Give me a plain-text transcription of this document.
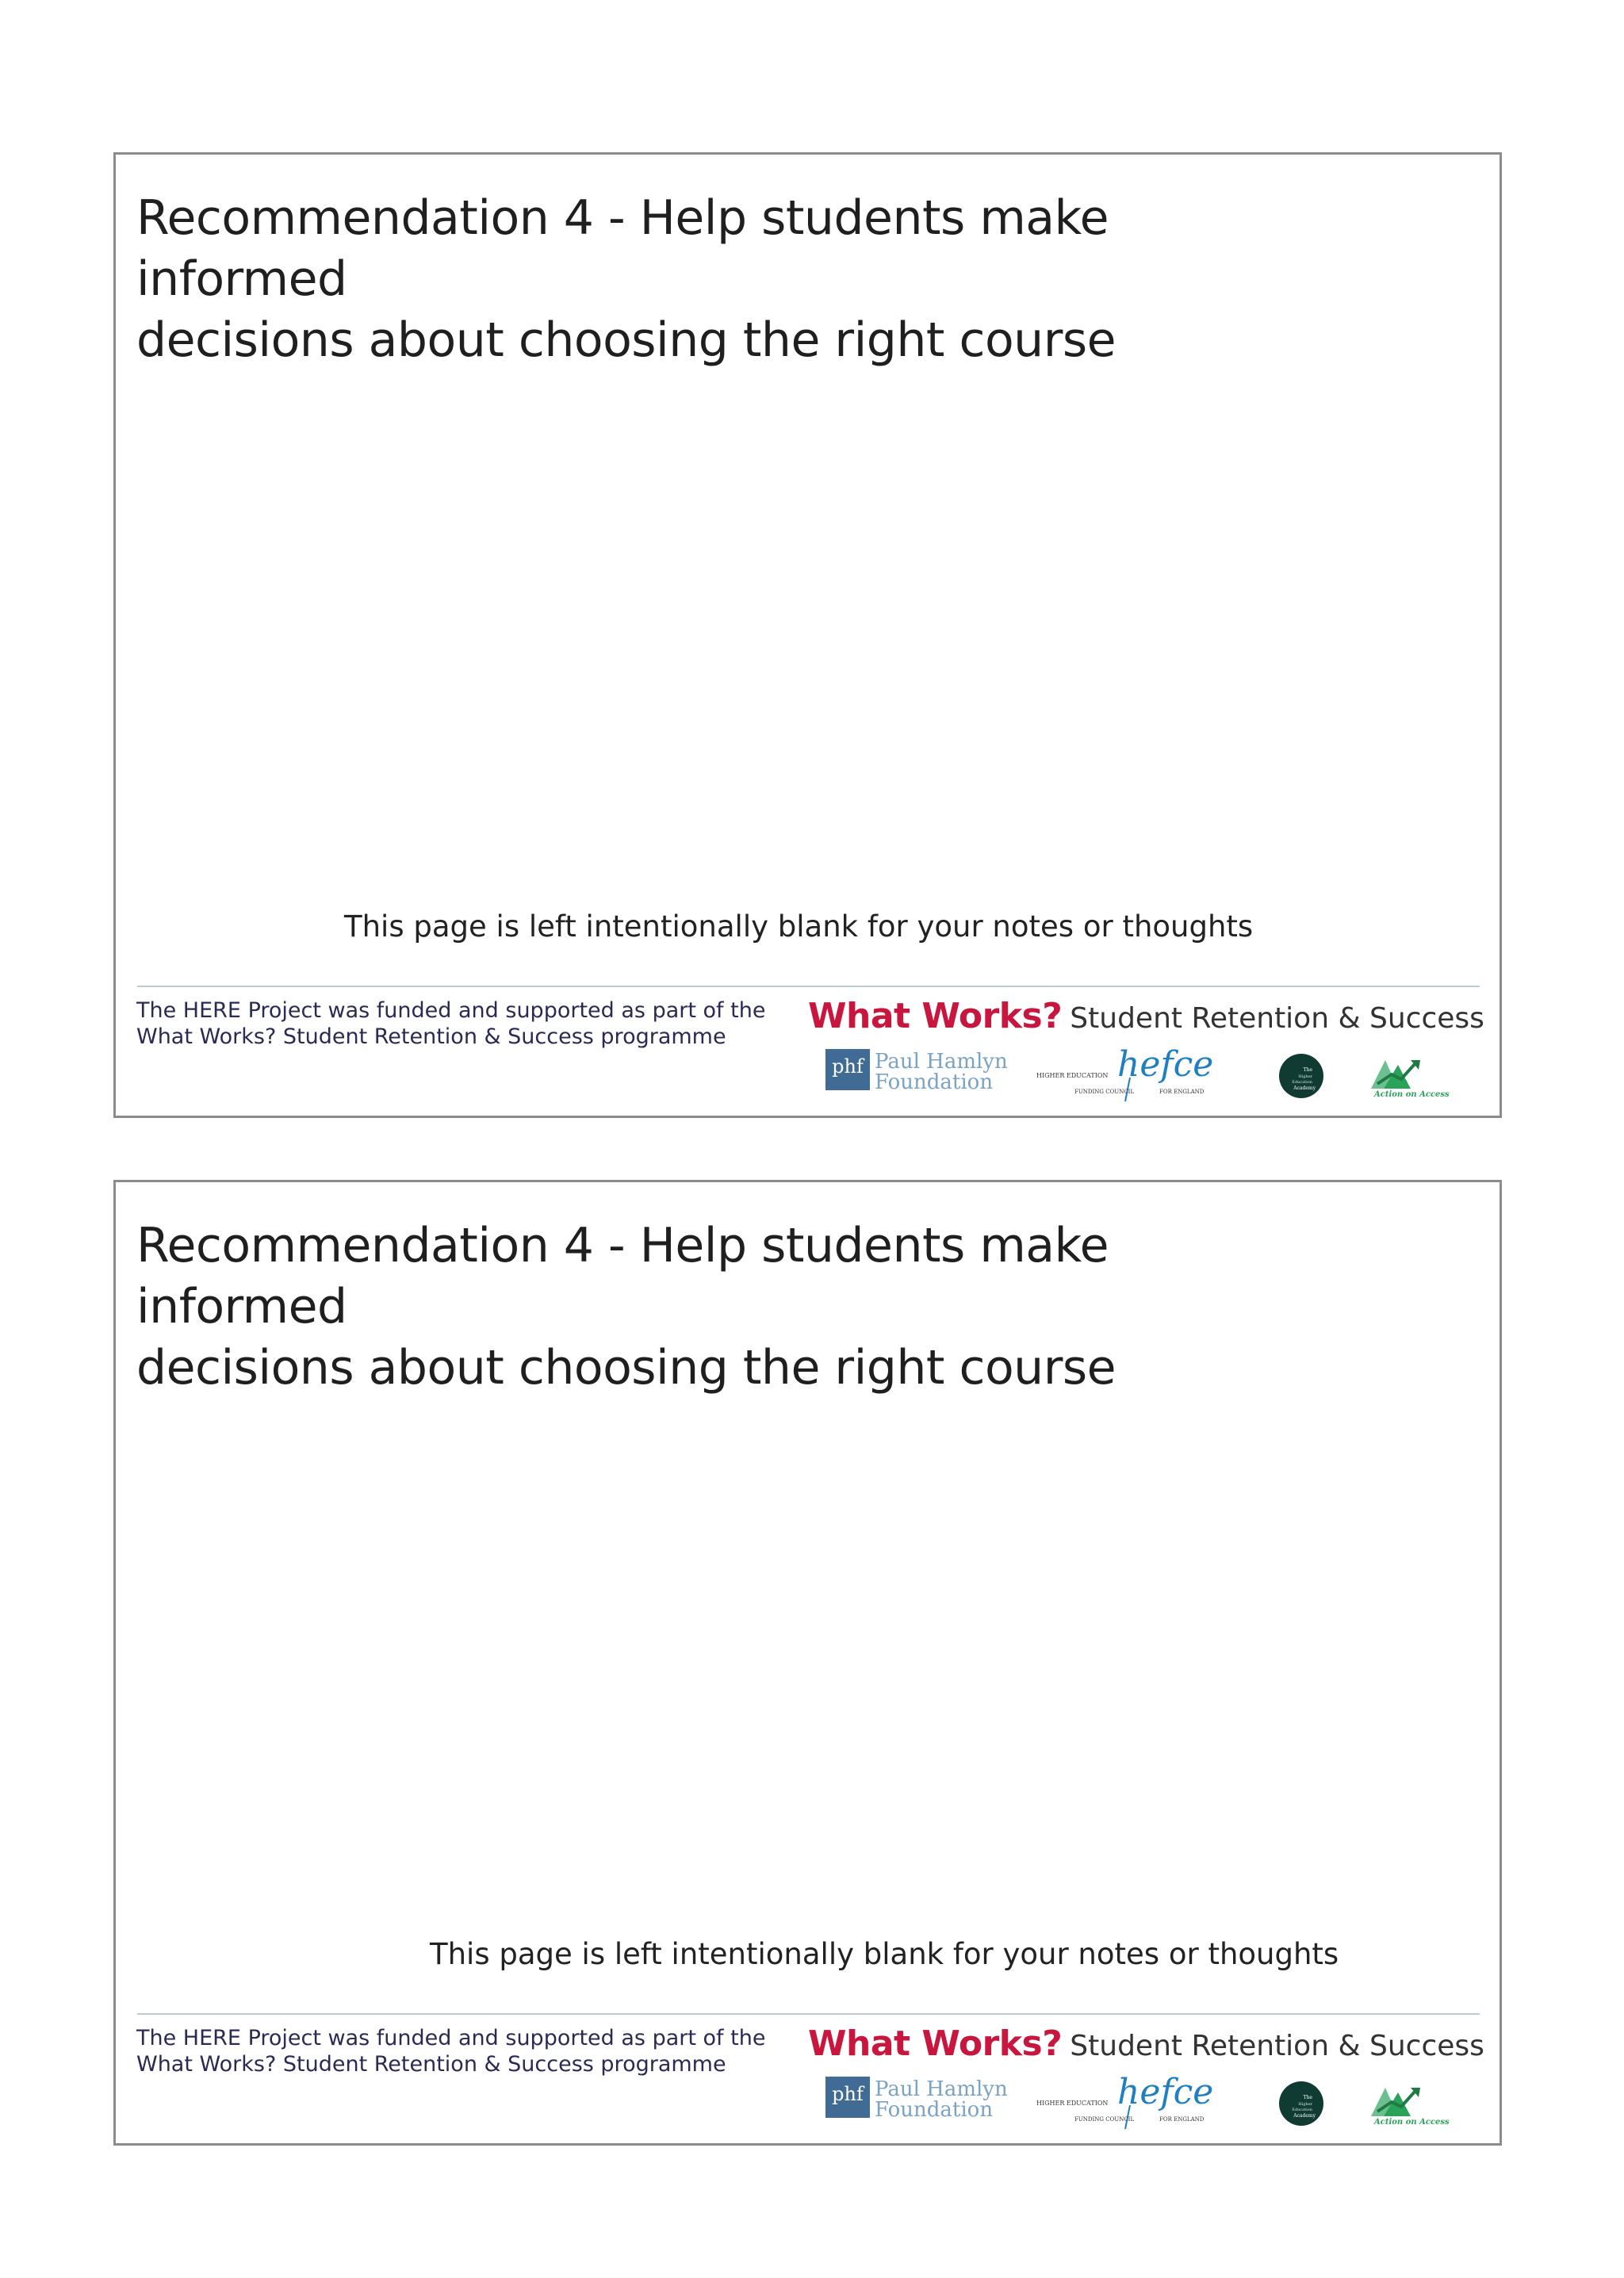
Recommendation 4 - Help students make informed
decisions about choosing the right course
This page is left intentionally blank for your notes or thoughts
The HERE Project was funded and supported as part of the
What Works? Student Retention & Success programme
What Works? Student Retention & Success
phf Paul Hamlyn
Foundation	HIGHER EDUCATION hefce
FUNDING COUNCIL	FOR ENGLAND
The
Higher
Education
Academy
Action on Access
Recommendation 4 - Help students make informed
decisions about choosing the right course
This page is left intentionally blank for your notes or thoughts
The HERE Project was funded and supported as part of the
What Works? Student Retention & Success programme
What Works? Student Retention & Success
phf Paul Hamlyn
Foundation	HIGHER EDUCATION hefce
FUNDING COUNCIL	FOR ENGLAND
The
Higher
Education
Academy
Action on Access
